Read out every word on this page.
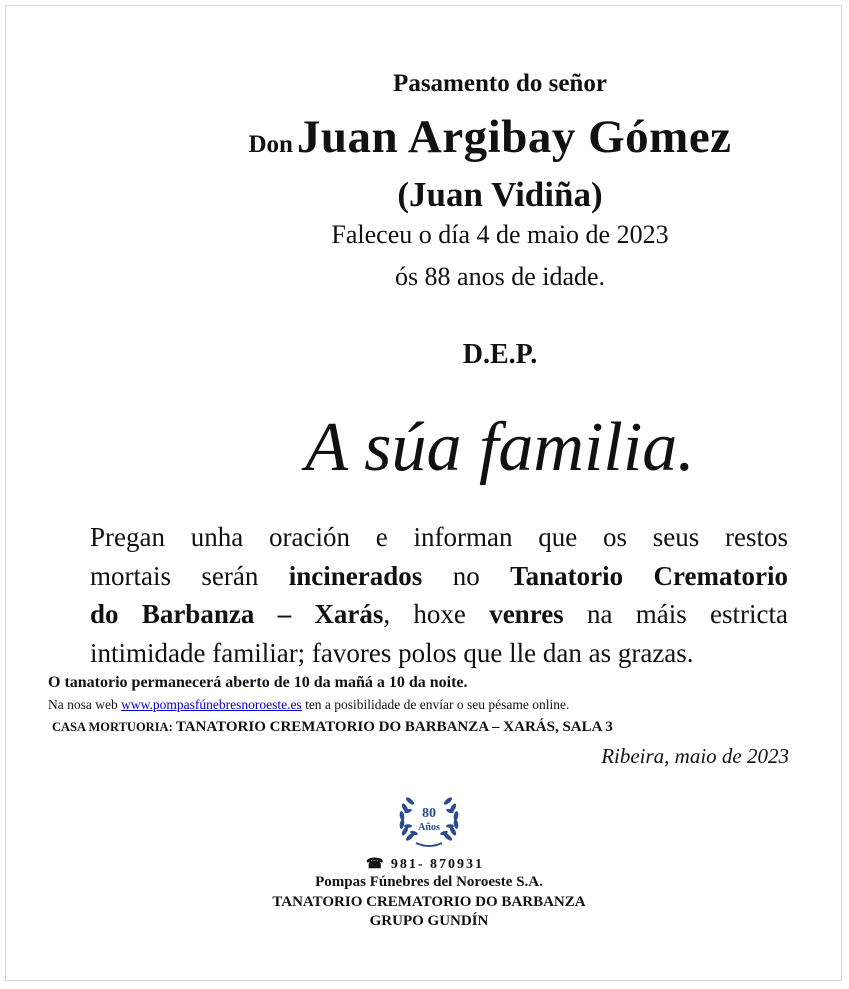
Pasamento do señor
Don Juan Argibay Gómez
(Juan Vidiña)
Faleceu o día 4 de maio de 2023
ós 88 anos de idade.
D.E.P.
A súa familia.
Pregan unha oración e informan que os seus restos
mortais serán incinerados no Tanatorio Crematorio
do Barbanza – Xarás, hoxe venres na máis estricta
intimidade familiar; favores polos que lle dan as grazas.
O tanatorio permanecerá aberto de 10 da mañá a 10 da noite.
Na nosa web www.pompasfúnebresnoroeste.es ten a posibilidade de envíar o seu pésame online.
CASA MORTUORIA: TANATORIO CREMATORIO DO BARBANZA – XARÁS, SALA 3
Ribeira, maio de 2023
80
Años
☎ 981- 870931
Pompas Fúnebres del Noroeste S.A.
TANATORIO CREMATORIO DO BARBANZA
GRUPO GUNDÍN
